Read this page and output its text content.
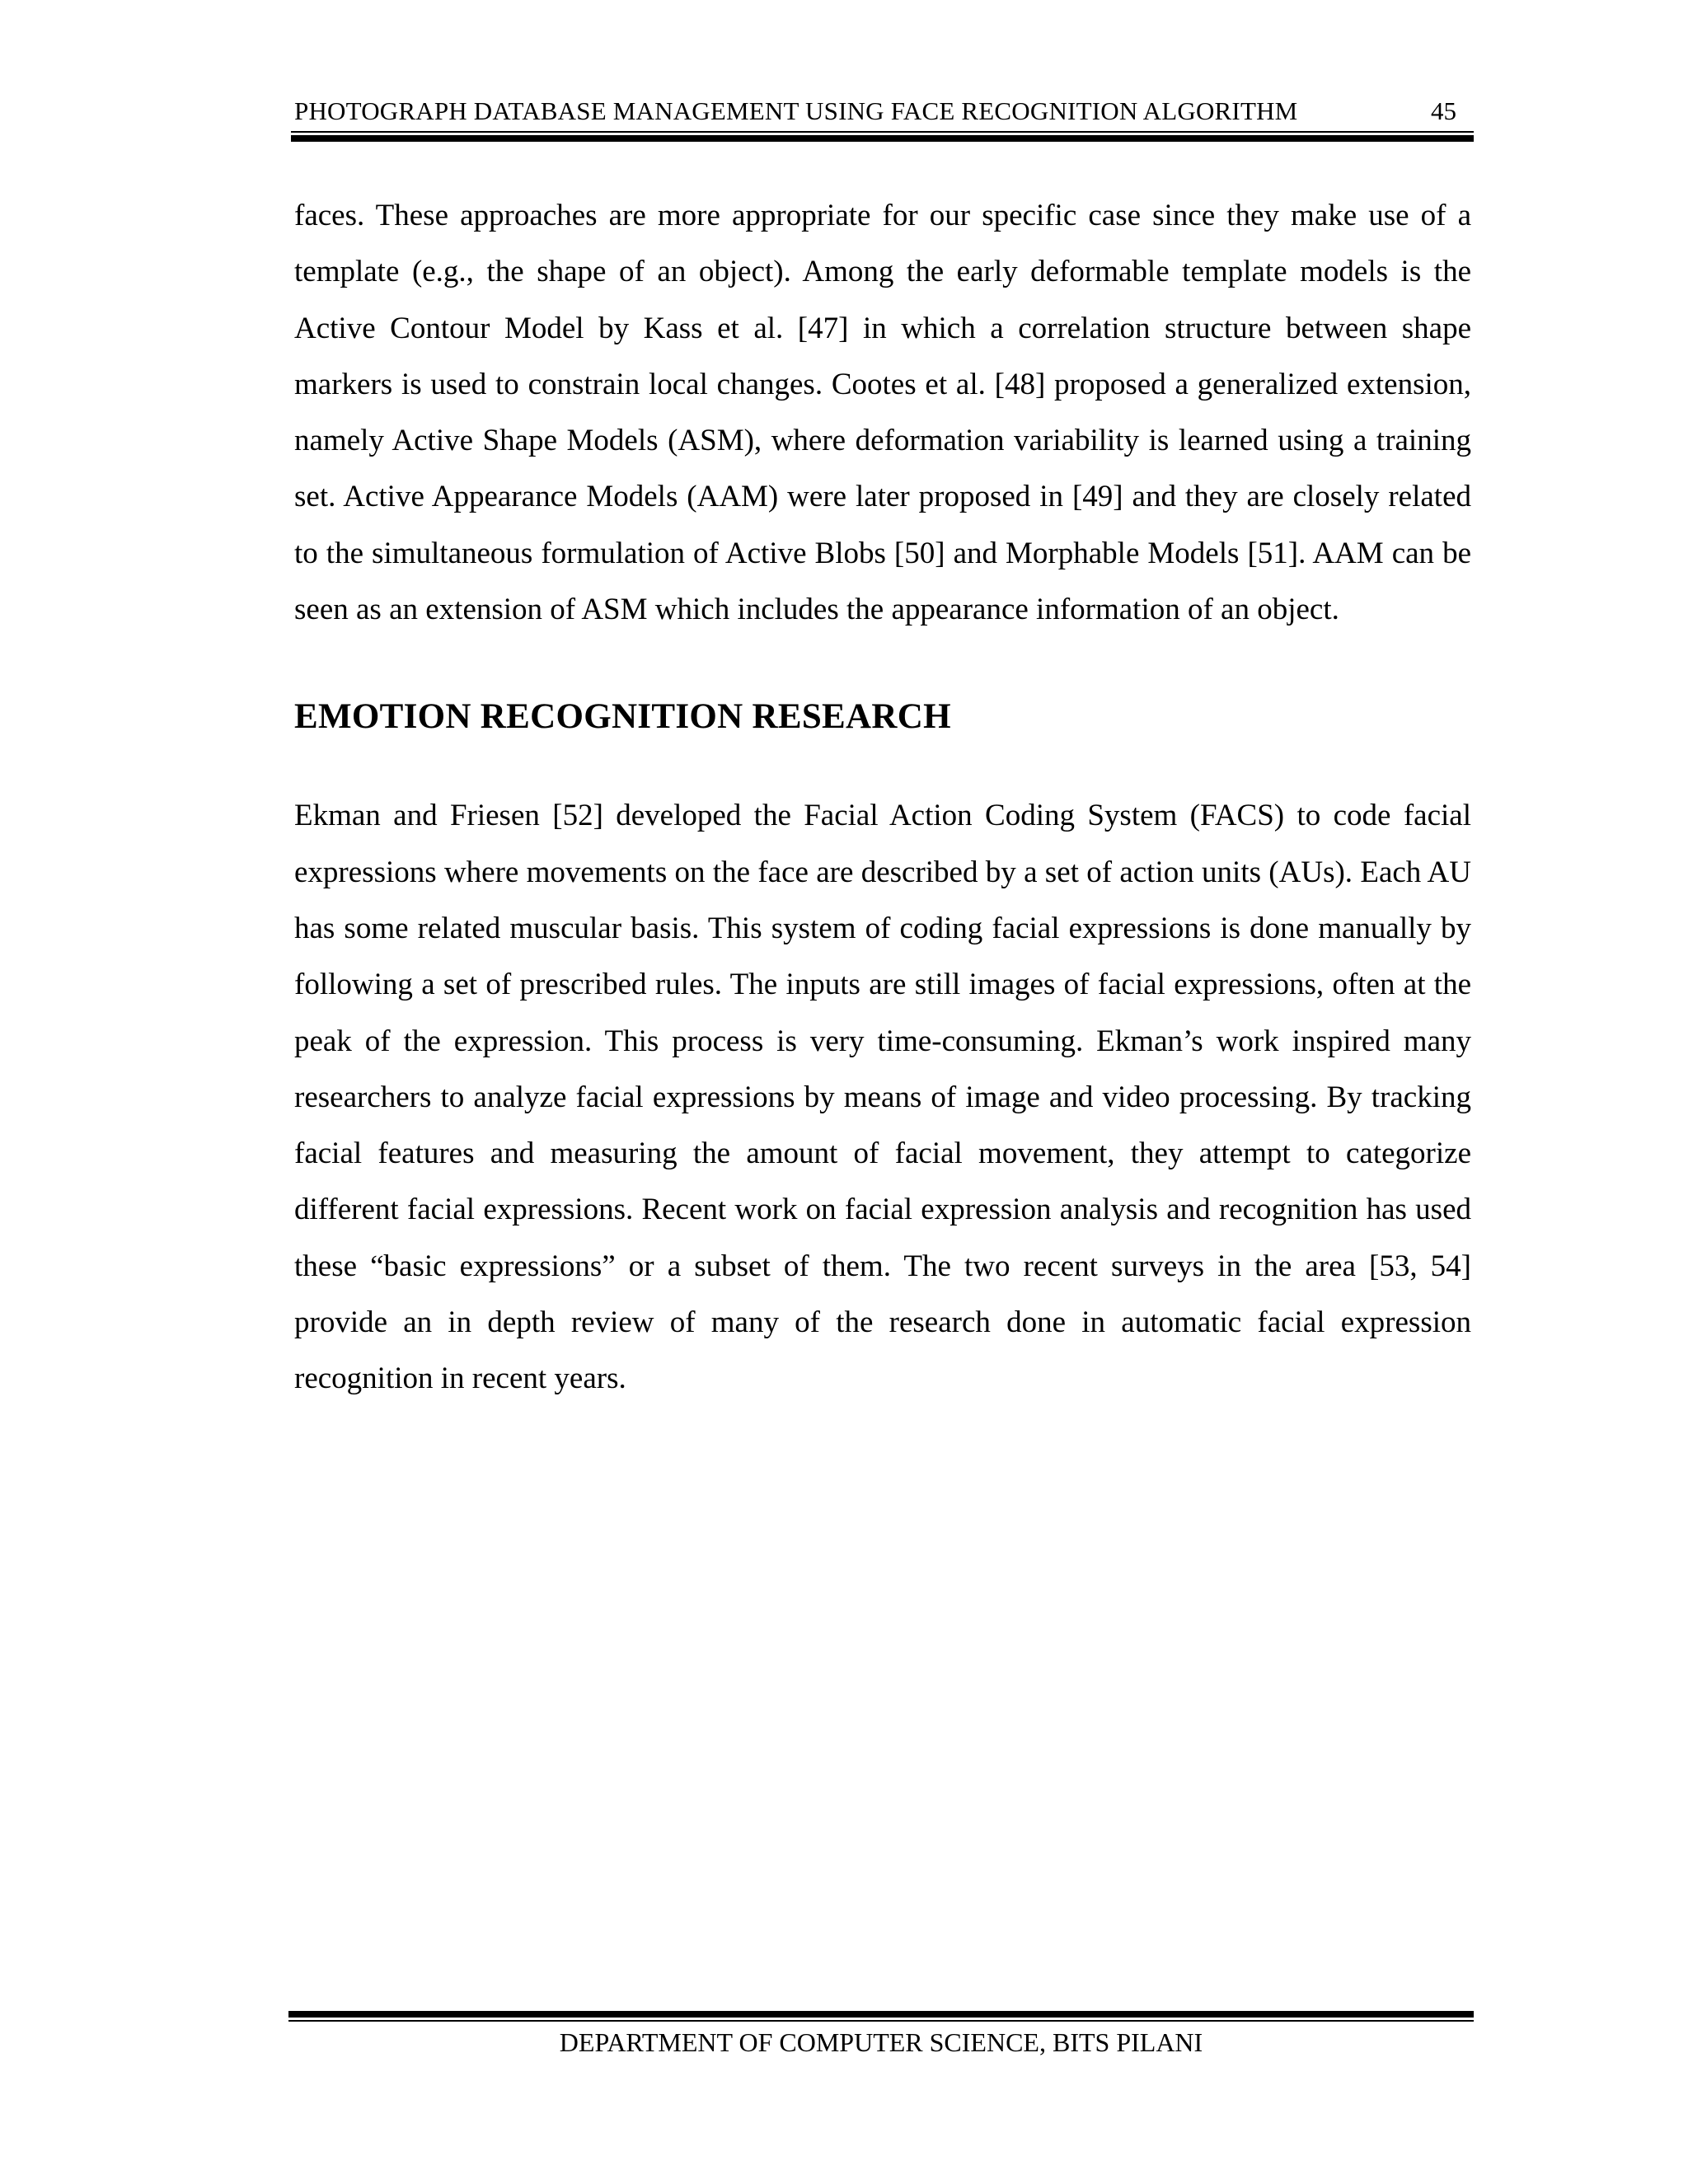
PHOTOGRAPH DATABASE MANAGEMENT USING FACE RECOGNITION ALGORITHM	45

faces. These approaches are more appropriate for our specific case since they make use of a template (e.g., the shape of an object). Among the early deformable template models is the Active Contour Model by Kass et al. [47] in which a correlation structure between shape markers is used to constrain local changes. Cootes et al. [48] proposed a generalized extension, namely Active Shape Models (ASM), where deformation variability is learned using a training set. Active Appearance Models (AAM) were later proposed in [49] and they are closely related to the simultaneous formulation of Active Blobs [50] and Morphable Models [51]. AAM can be seen as an extension of ASM which includes the appearance information of an object.

EMOTION RECOGNITION RESEARCH

Ekman and Friesen [52] developed the Facial Action Coding System (FACS) to code facial expressions where movements on the face are described by a set of action units (AUs). Each AU has some related muscular basis. This system of coding facial expressions is done manually by following a set of prescribed rules. The inputs are still images of facial expressions, often at the peak of the expression. This process is very time-consuming. Ekman’s work inspired many researchers to analyze facial expressions by means of image and video processing. By tracking facial features and measuring the amount of facial movement, they attempt to categorize different facial expressions. Recent work on facial expression analysis and recognition has used these “basic expressions” or a subset of them. The two recent surveys in the area [53, 54] provide an in depth review of many of the research done in automatic facial expression recognition in recent years.

DEPARTMENT OF COMPUTER SCIENCE, BITS PILANI
